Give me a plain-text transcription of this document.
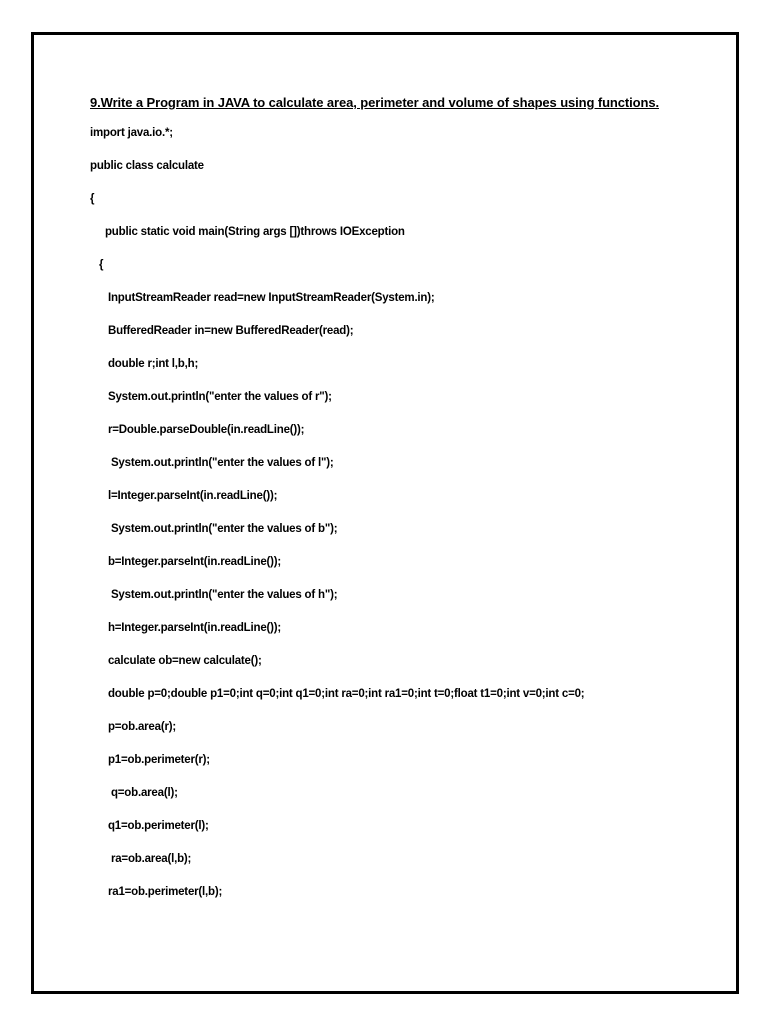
9.Write a Program in JAVA to calculate area, perimeter and volume of shapes using functions.
import java.io.*;
public class calculate
{
public static void main(String args [])throws IOException
{
InputStreamReader read=new InputStreamReader(System.in);
BufferedReader in=new BufferedReader(read);
double r;int l,b,h;
System.out.println("enter the values of r");
r=Double.parseDouble(in.readLine());
System.out.println("enter the values of l");
l=Integer.parseInt(in.readLine());
System.out.println("enter the values of b");
b=Integer.parseInt(in.readLine());
System.out.println("enter the values of h");
h=Integer.parseInt(in.readLine());
calculate ob=new calculate();
double p=0;double p1=0;int q=0;int q1=0;int ra=0;int ra1=0;int t=0;float t1=0;int v=0;int c=0;
p=ob.area(r);
p1=ob.perimeter(r);
q=ob.area(l);
q1=ob.perimeter(l);
ra=ob.area(l,b);
ra1=ob.perimeter(l,b);
